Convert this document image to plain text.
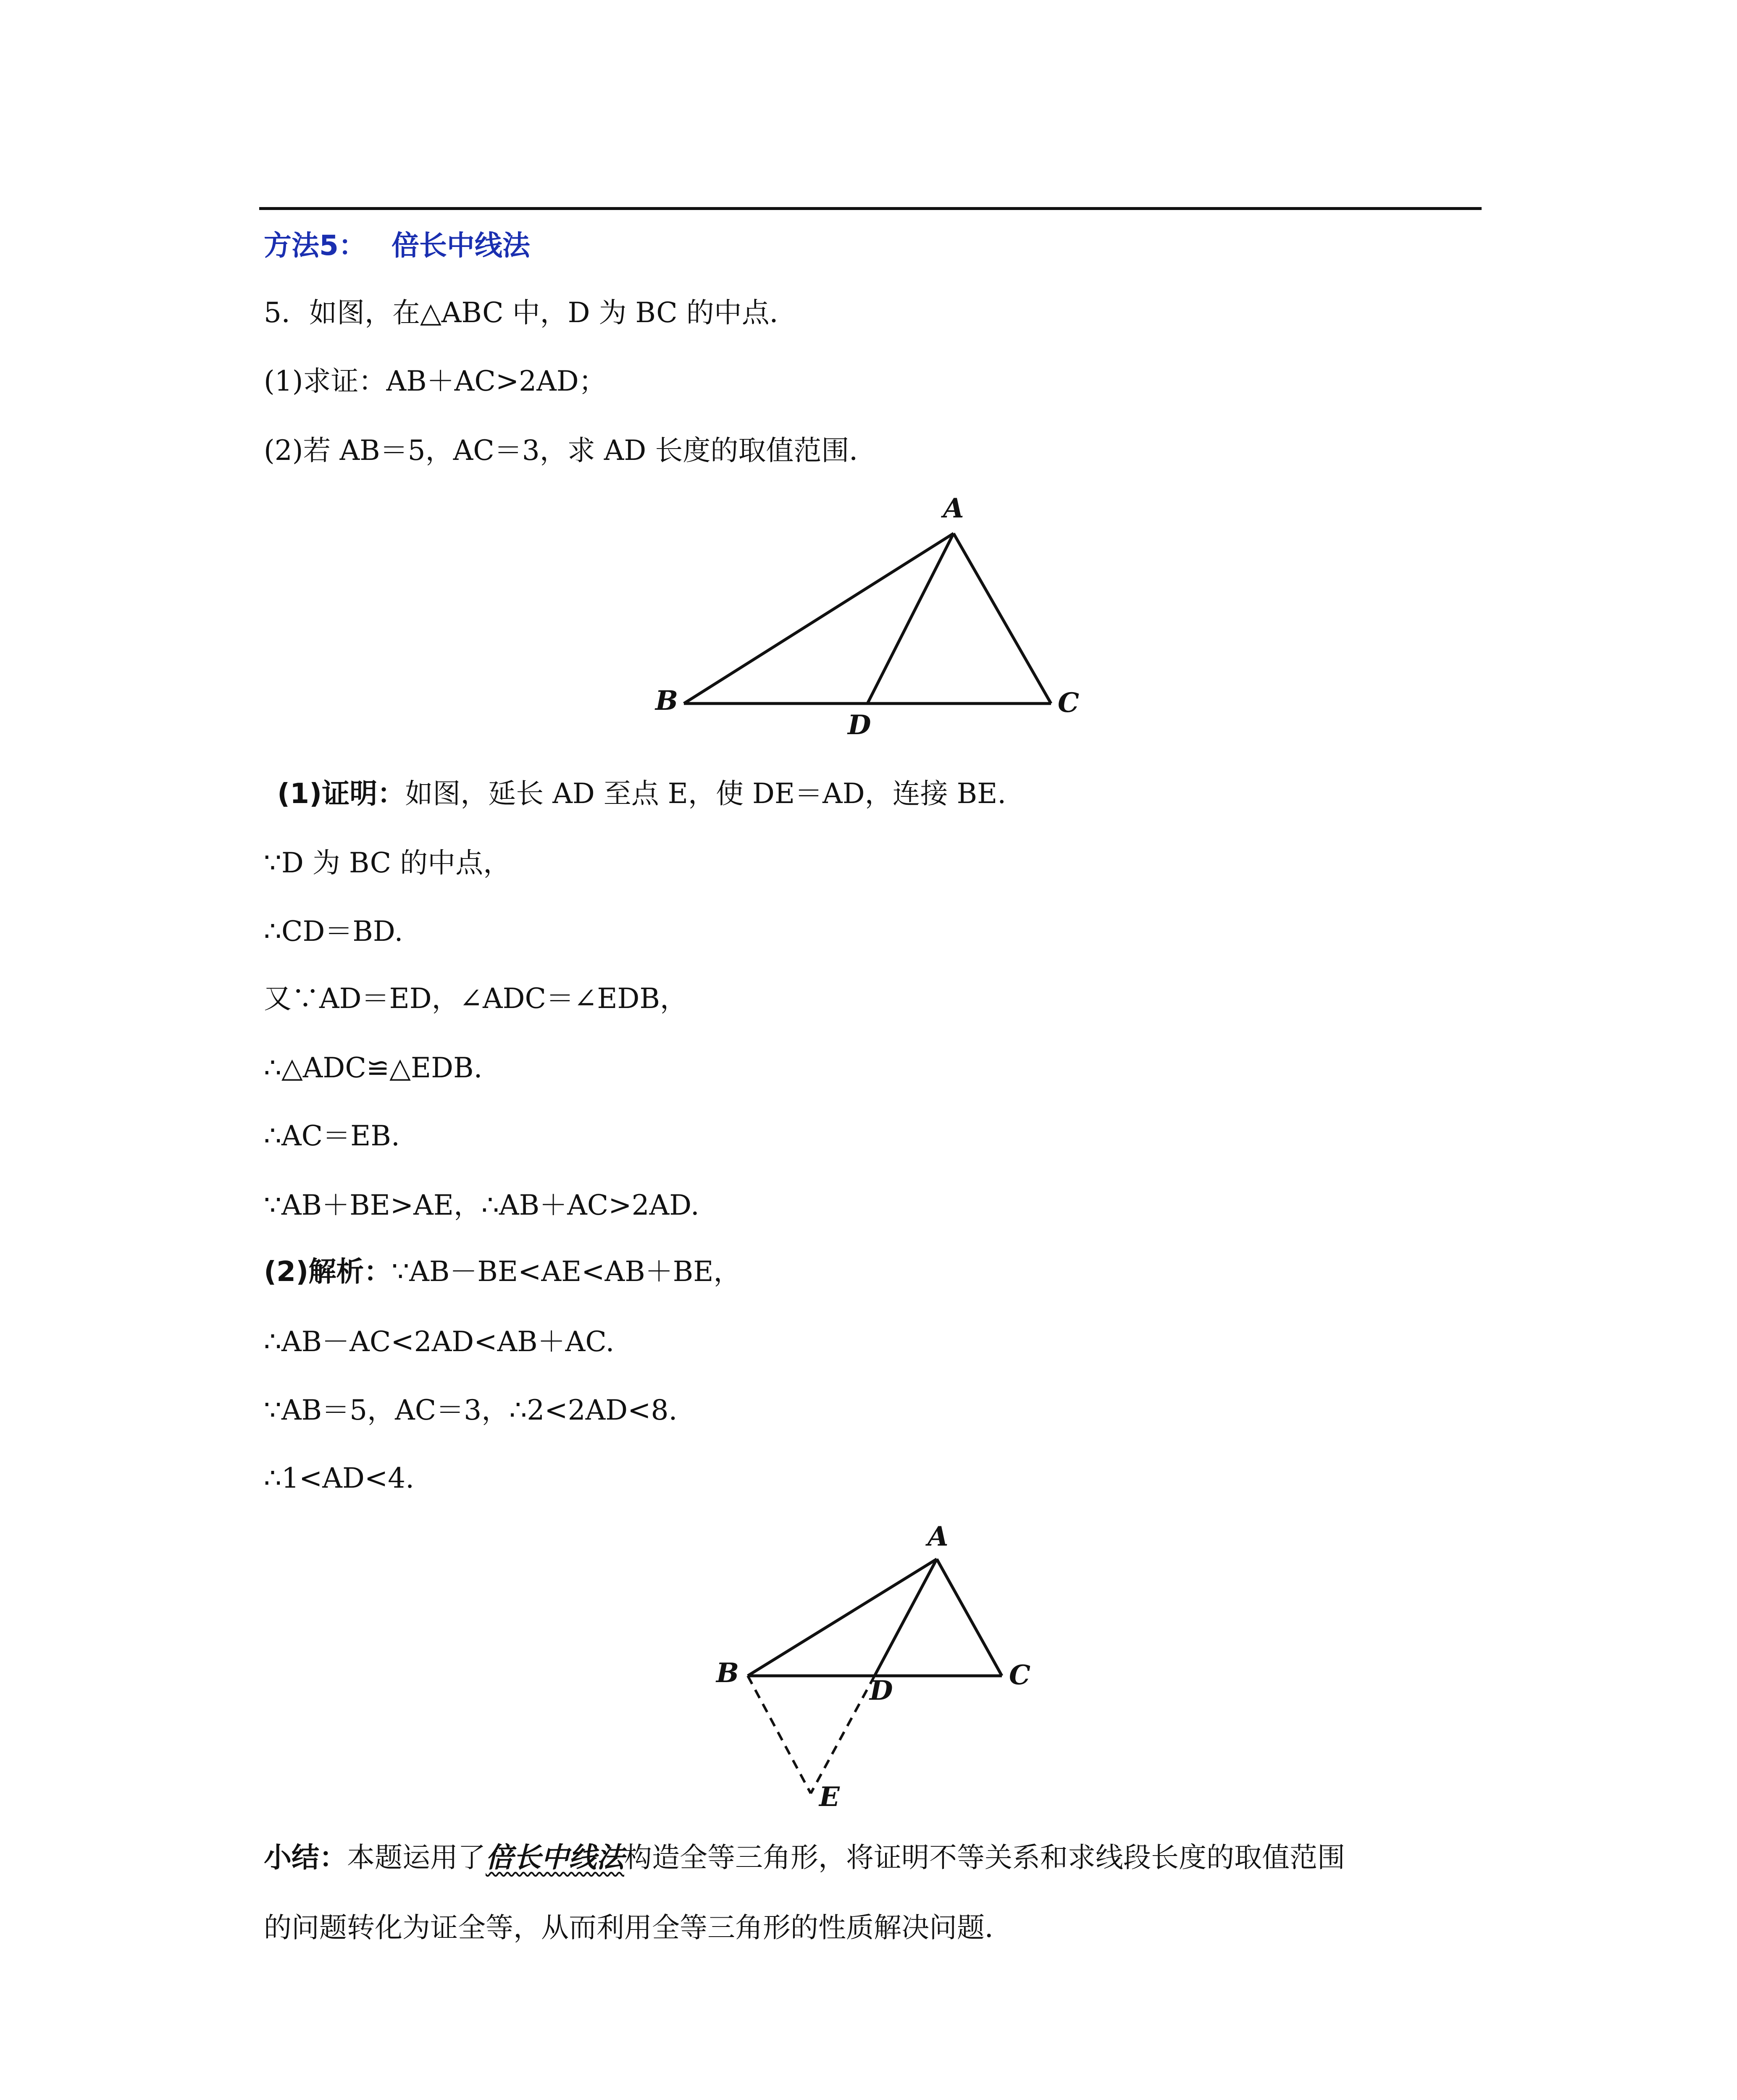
方法5： 倍长中线法
5．如图，在△ABC 中，D 为 BC 的中点．
(1)求证：AB＋AC>2AD；
(2)若 AB＝5，AC＝3，求 AD 长度的取值范围．
A
B	C
D
(1)证明：如图，延长 AD 至点 E，使 DE＝AD，连接 BE.
∵D 为 BC 的中点，
∴CD＝BD.
又∵AD＝ED，∠ADC＝∠EDB，
∴△ADC≌△EDB.
∴AC＝EB.
∵AB＋BE>AE，∴AB＋AC>2AD.
(2)解析：∵AB－BE<AE<AB＋BE，
∴AB－AC<2AD<AB＋AC.
∵AB＝5，AC＝3，∴2<2AD<8.
∴1<AD<4.
A
B	C
D
E
小结：本题运用了倍长中线法构造全等三角形，将证明不等关系和求线段长度的取值范围
的问题转化为证全等，从而利用全等三角形的性质解决问题．
